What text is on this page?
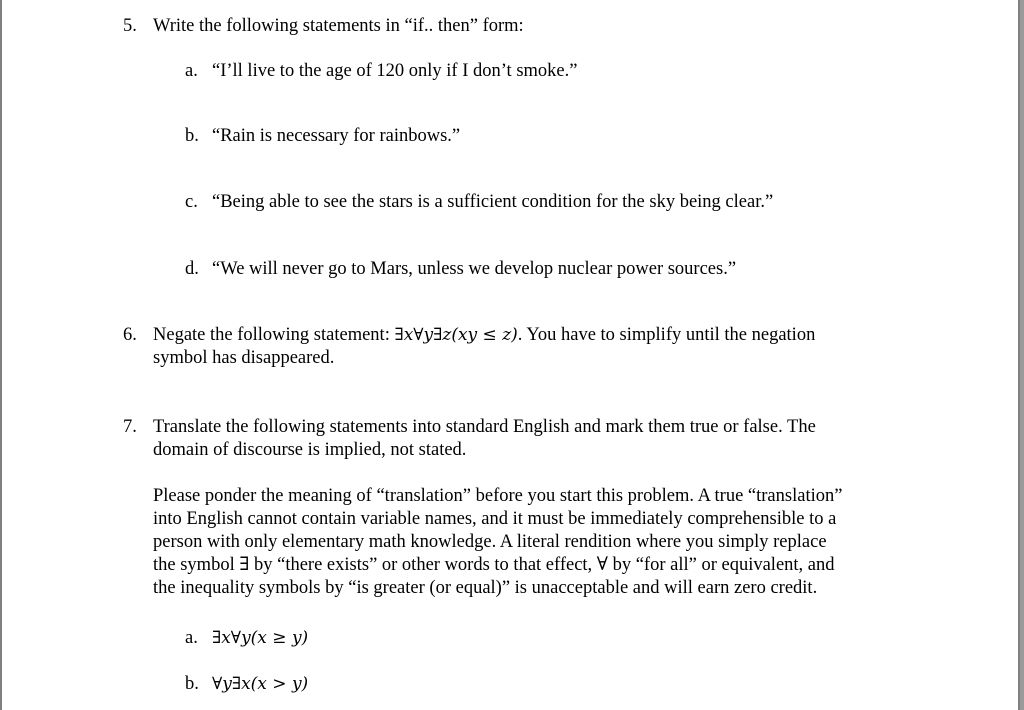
5. Write the following statements in “if.. then” form:
a. “I’ll live to the age of 120 only if I don’t smoke.”
b. “Rain is necessary for rainbows.”
c. “Being able to see the stars is a sufficient condition for the sky being clear.”
d. “We will never go to Mars, unless we develop nuclear power sources.”
6. Negate the following statement: ∃x∀y∃z(xy ≤ z). You have to simplify until the negation
symbol has disappeared.
7. Translate the following statements into standard English and mark them true or false. The
domain of discourse is implied, not stated.
Please ponder the meaning of “translation” before you start this problem. A true “translation”
into English cannot contain variable names, and it must be immediately comprehensible to a
person with only elementary math knowledge. A literal rendition where you simply replace
the symbol ∃ by “there exists” or other words to that effect, ∀ by “for all” or equivalent, and
the inequality symbols by “is greater (or equal)” is unacceptable and will earn zero credit.
a. ∃x∀y(x ≥ y)
b. ∀y∃x(x > y)
